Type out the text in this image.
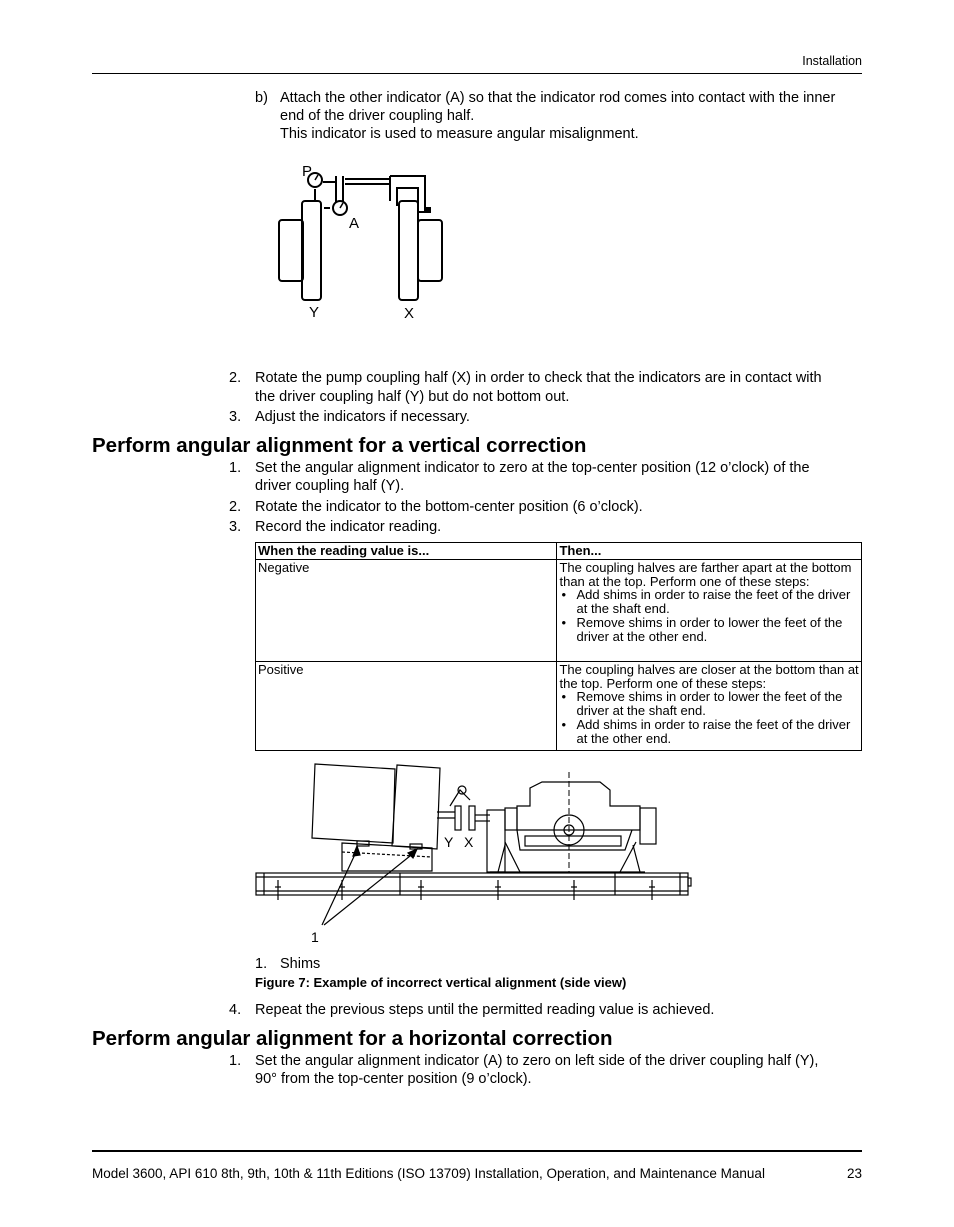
Installation
b) Attach the other indicator (A) so that the indicator rod comes into contact with the inner
end of the driver coupling half.
This indicator is used to measure angular misalignment.
P
A
Y	X
2. Rotate the pump coupling half (X) in order to check that the indicators are in contact with
the driver coupling half (Y) but do not bottom out.
3. Adjust the indicators if necessary.
Perform angular alignment for a vertical correction
1. Set the angular alignment indicator to zero at the top-center position (12 o’clock) of the
driver coupling half (Y).
2. Rotate the indicator to the bottom-center position (6 o’clock).
3. Record the indicator reading.
When the reading value is...	Then...
Negative	The coupling halves are farther apart at the bottom than at the top. Perform one of these steps:
• Add shims in order to raise the feet of the driver at the shaft end.
• Remove shims in order to lower the feet of the driver at the other end.

Positive	The coupling halves are closer at the bottom than at the top. Perform one of these steps:
• Remove shims in order to lower the feet of the driver at the shaft end.
• Add shims in order to raise the feet of the driver at the other end.
Y X
1
1. Shims
Figure 7: Example of incorrect vertical alignment (side view)
4. Repeat the previous steps until the permitted reading value is achieved.
Perform angular alignment for a horizontal correction
1. Set the angular alignment indicator (A) to zero on left side of the driver coupling half (Y),
90° from the top-center position (9 o’clock).
Model 3600, API 610 8th, 9th, 10th & 11th Editions (ISO 13709) Installation, Operation, and Maintenance Manual	23
